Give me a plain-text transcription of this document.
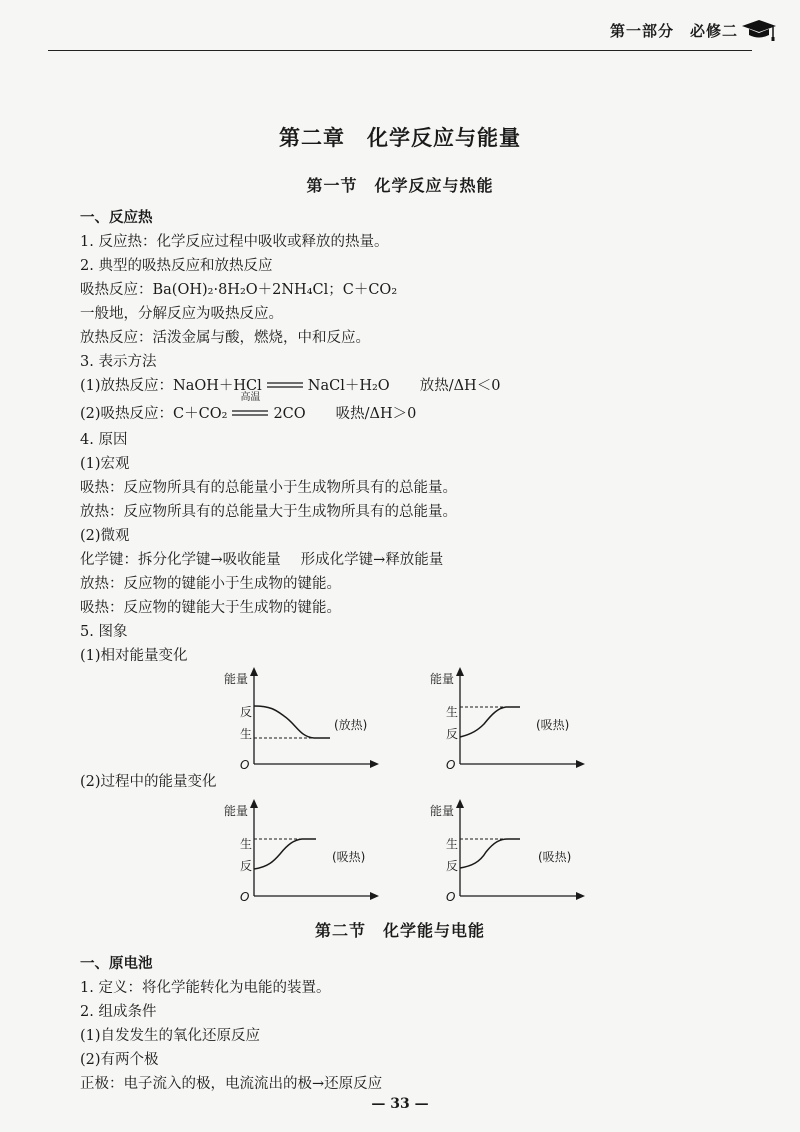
第一部分　必修二
第二章　化学反应与能量
第一节　化学反应与热能
一、反应热
1. 反应热：化学反应过程中吸收或释放的热量。
2. 典型的吸热反应和放热反应
吸热反应：Ba(OH)₂·8H₂O＋2NH₄Cl；C＋CO₂
一般地，分解反应为吸热反应。
放热反应：活泼金属与酸，燃烧，中和反应。
3. 表示方法
(1)放热反应：NaOH＋HCl	NaCl＋H₂O 放热/ΔH＜0
(2)吸热反应：C＋CO₂
高温
2CO 吸热/ΔH＞0
4. 原因
(1)宏观
吸热：反应物所具有的总能量小于生成物所具有的总能量。
放热：反应物所具有的总能量大于生成物所具有的总能量。
(2)微观
化学键：拆分化学键→吸收能量 形成化学键→释放能量
放热：反应物的键能小于生成物的键能。
吸热：反应物的键能大于生成物的键能。
5. 图象
(1)相对能量变化
能量
反
生
O
(放热)
能量
生
反
O
(吸热)
(2)过程中的能量变化
能量
生
反
O
(吸热)
能量
生
反
O
(吸热)
第二节　化学能与电能
一、原电池
1. 定义：将化学能转化为电能的装置。
2. 组成条件
(1)自发发生的氧化还原反应
(2)有两个极
正极：电子流入的极，电流流出的极→还原反应
— 33 —
